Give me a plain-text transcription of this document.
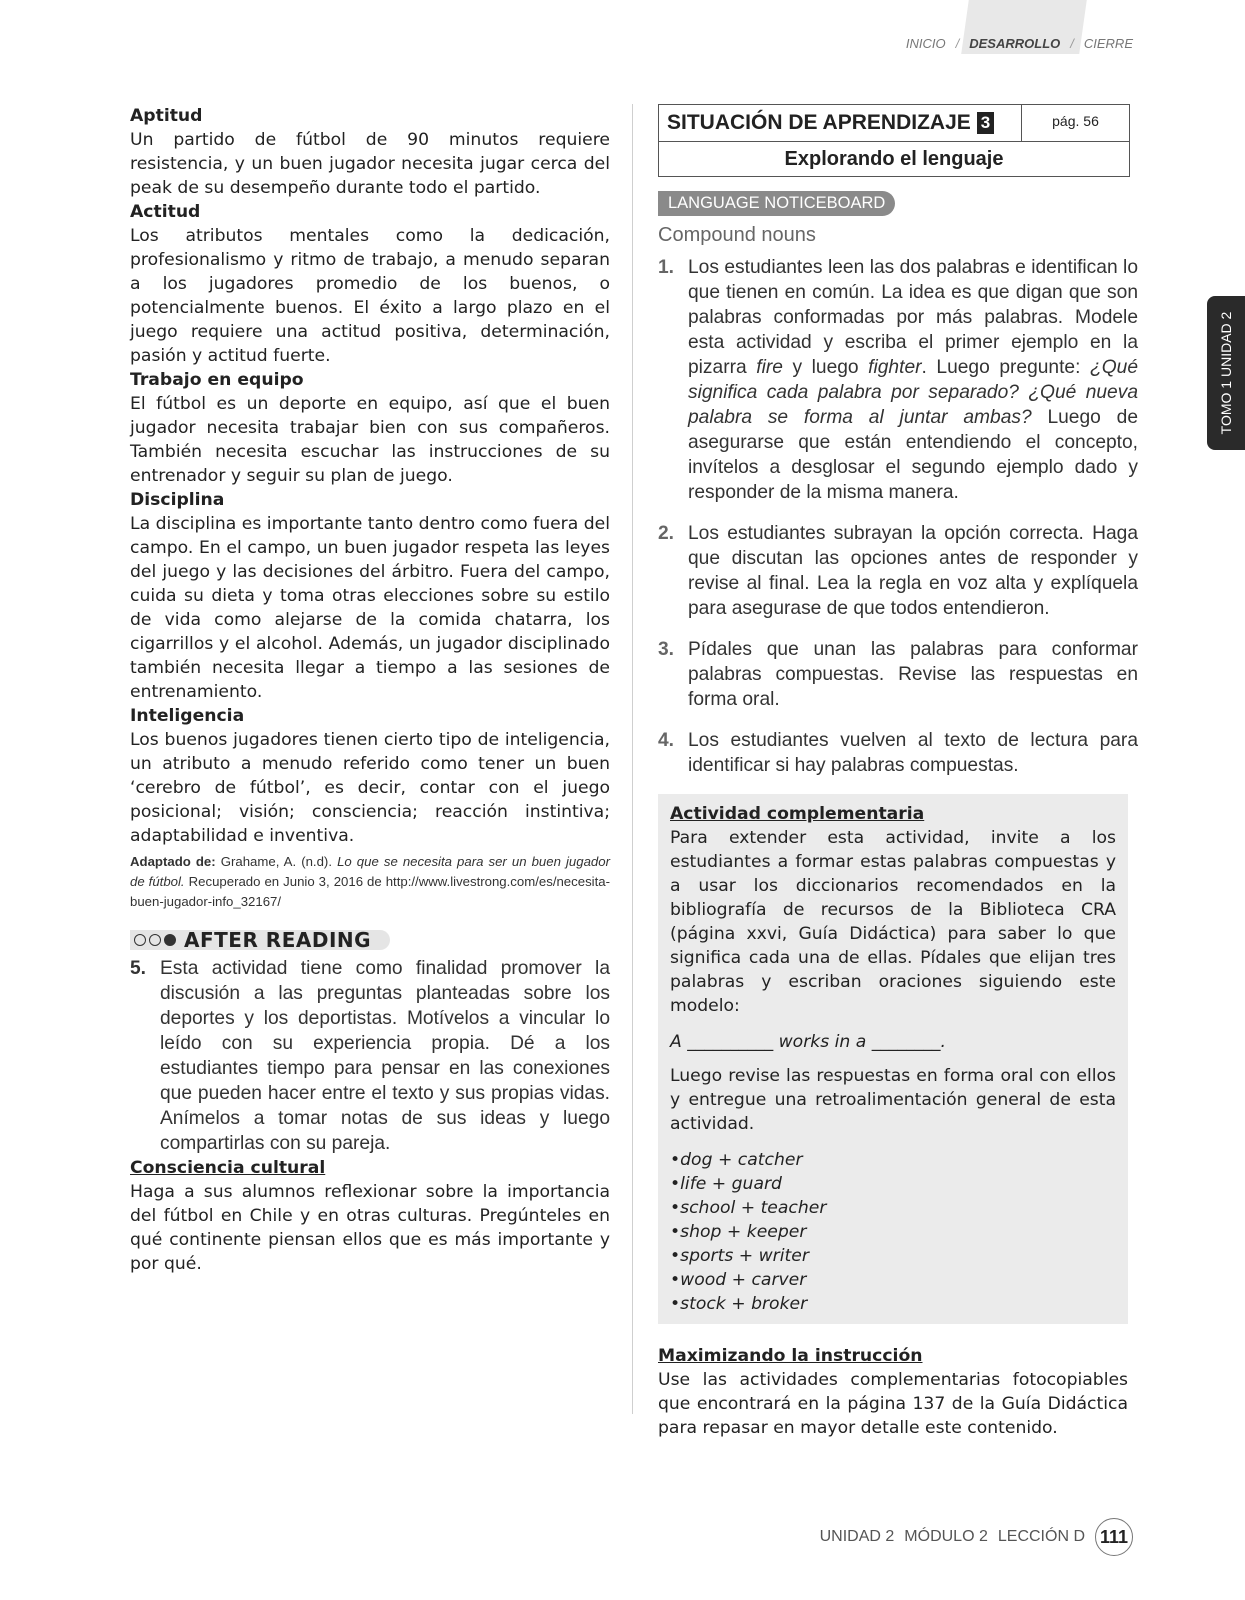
INICIO / DESARROLLO / CIERRE
TOMO 1 UNIDAD 2

Aptitud

Un partido de fútbol de 90 minutos requiere resistencia, y un buen jugador necesita jugar cerca del peak de su desempeño durante todo el partido.

Actitud

Los atributos mentales como la dedicación, profesionalismo y ritmo de trabajo, a menudo separan a los jugadores promedio de los buenos, o potencialmente buenos. El éxito a largo plazo en el juego requiere una actitud positiva, determinación, pasión y actitud fuerte.

Trabajo en equipo

El fútbol es un deporte en equipo, así que el buen jugador necesita trabajar bien con sus compañeros. También necesita escuchar las instrucciones de su entrenador y seguir su plan de juego.

Disciplina

La disciplina es importante tanto dentro como fuera del campo. En el campo, un buen jugador respeta las leyes del juego y las decisiones del árbitro. Fuera del campo, cuida su dieta y toma otras elecciones sobre su estilo de vida como alejarse de la comida chatarra, los cigarrillos y el alcohol. Además, un jugador disciplinado también necesita llegar a tiempo a las sesiones de entrenamiento.

Inteligencia

Los buenos jugadores tienen cierto tipo de inteligencia, un atributo a menudo referido como tener un buen ‘cerebro de fútbol’, es decir, contar con el juego posicional; visión; consciencia; reacción instintiva; adaptabilidad e inventiva.

Adaptado de: Grahame, A. (n.d). Lo que se necesita para ser un buen jugador de fútbol. Recuperado en Junio 3, 2016 de http://www.livestrong.com/es/necesita-buen-jugador-info_32167/

AFTER READING
5. Esta actividad tiene como finalidad promover la discusión a las preguntas planteadas sobre los deportes y los deportistas. Motívelos a vincular lo leído con su experiencia propia. Dé a los estudiantes tiempo para pensar en las conexiones que pueden hacer entre el texto y sus propias vidas. Anímelos a tomar notas de sus ideas y luego compartirlas con su pareja.

Consciencia cultural

Haga a sus alumnos reflexionar sobre la importancia del fútbol en Chile y en otras culturas. Pregúnteles en qué continente piensan ellos que es más importante y por qué.

SITUACIÓN DE APRENDIZAJE 3	pág. 56
Explorando el lenguaje
LANGUAGE NOTICEBOARD
Compound nouns
1. Los estudiantes leen las dos palabras e identifican lo que tienen en común. La idea es que digan que son palabras conformadas por más palabras. Modele esta actividad y escriba el primer ejemplo en la pizarra fire y luego fighter. Luego pregunte: ¿Qué significa cada palabra por separado? ¿Qué nueva palabra se forma al juntar ambas? Luego de asegurarse que están entendiendo el concepto, invítelos a desglosar el segundo ejemplo dado y responder de la misma manera.
2. Los estudiantes subrayan la opción correcta. Haga que discutan las opciones antes de responder y revise al final. Lea la regla en voz alta y explíquela para asegurase de que todos entendieron.
3. Pídales que unan las palabras para conformar palabras compuestas. Revise las respuestas en forma oral.
4. Los estudiantes vuelven al texto de lectura para identificar si hay palabras compuestas.

Actividad complementaria

Para extender esta actividad, invite a los estudiantes a formar estas palabras compuestas y a usar los diccionarios recomendados en la bibliografía de recursos de la Biblioteca CRA (página xxvi, Guía Didáctica) para saber lo que significa cada una de ellas. Pídales que elijan tres palabras y escriban oraciones siguiendo este modelo:

A __________ works in a ________.

Luego revise las respuestas en forma oral con ellos y entregue una retroalimentación general de esta actividad.

• dog + catcher
• life + guard
• school + teacher
• shop + keeper
• sports + writer
• wood + carver
• stock + broker

Maximizando la instrucción

Use las actividades complementarias fotocopiables que encontrará en la página 137 de la Guía Didáctica para repasar en mayor detalle este contenido.

UNIDAD 2 MÓDULO 2 LECCIÓN D 111
